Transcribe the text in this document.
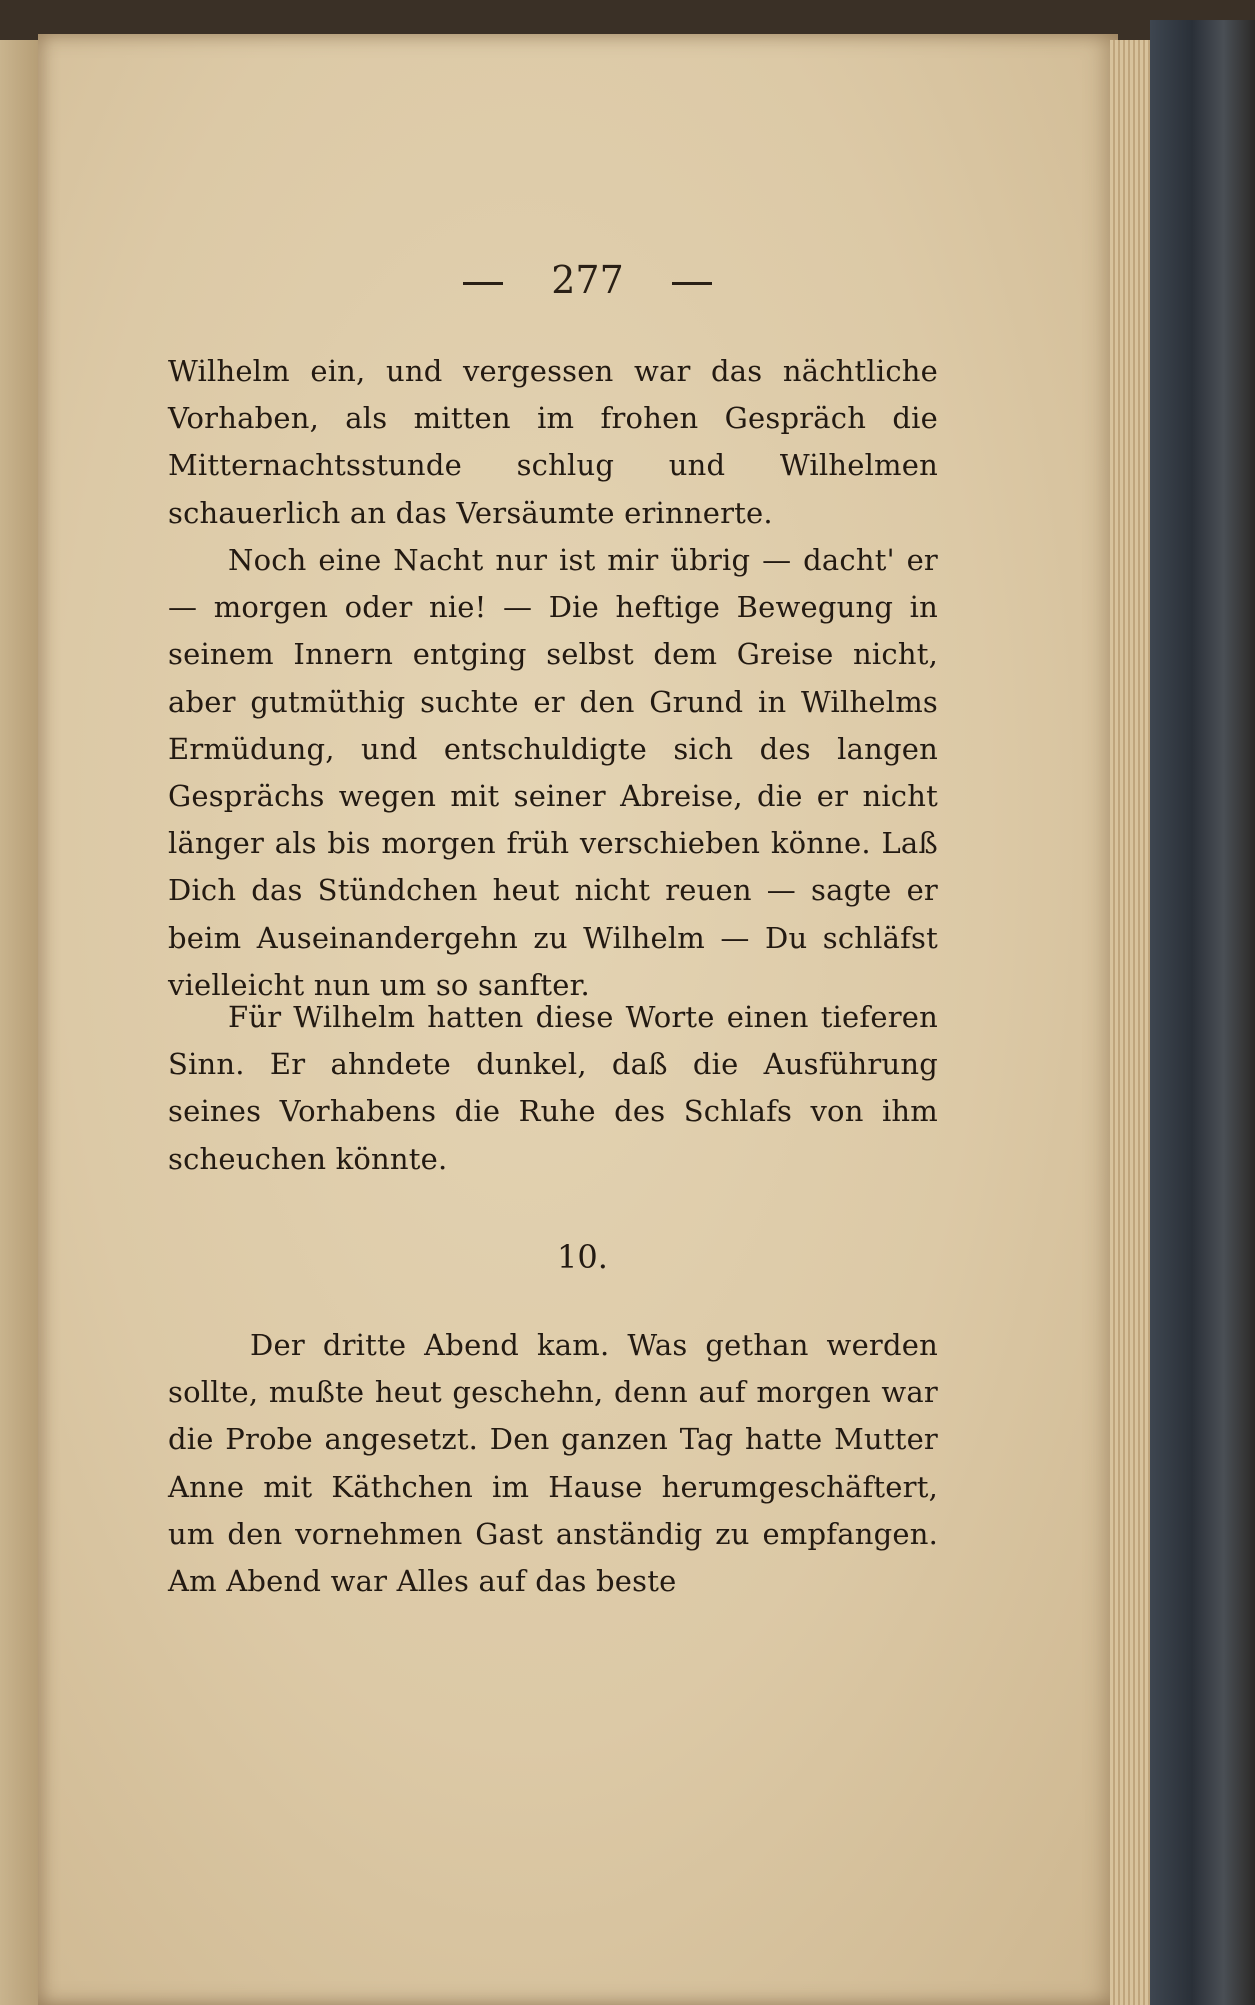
277
Wilhelm ein, und vergessen war das nächtliche Vorhaben, als mitten im frohen Gespräch die Mitternachtsstunde schlug und Wilhelmen schauerlich an das Versäumte erinnerte.
Noch eine Nacht nur ist mir übrig — dacht' er — morgen oder nie! — Die heftige Bewegung in seinem Innern entging selbst dem Greise nicht, aber gutmüthig suchte er den Grund in Wilhelms Ermüdung, und entschuldigte sich des langen Gesprächs wegen mit seiner Abreise, die er nicht länger als bis morgen früh verschieben könne. Laß Dich das Stündchen heut nicht reuen — sagte er beim Auseinandergehn zu Wilhelm — Du schläfst vielleicht nun um so sanfter.
Für Wilhelm hatten diese Worte einen tieferen Sinn. Er ahndete dunkel, daß die Ausführung seines Vorhabens die Ruhe des Schlafs von ihm scheuchen könnte.
10.
Der dritte Abend kam. Was gethan werden sollte, mußte heut geschehn, denn auf morgen war die Probe angesetzt. Den ganzen Tag hatte Mutter Anne mit Käthchen im Hause herumgeschäftert, um den vornehmen Gast anständig zu empfangen. Am Abend war Alles auf das beste
